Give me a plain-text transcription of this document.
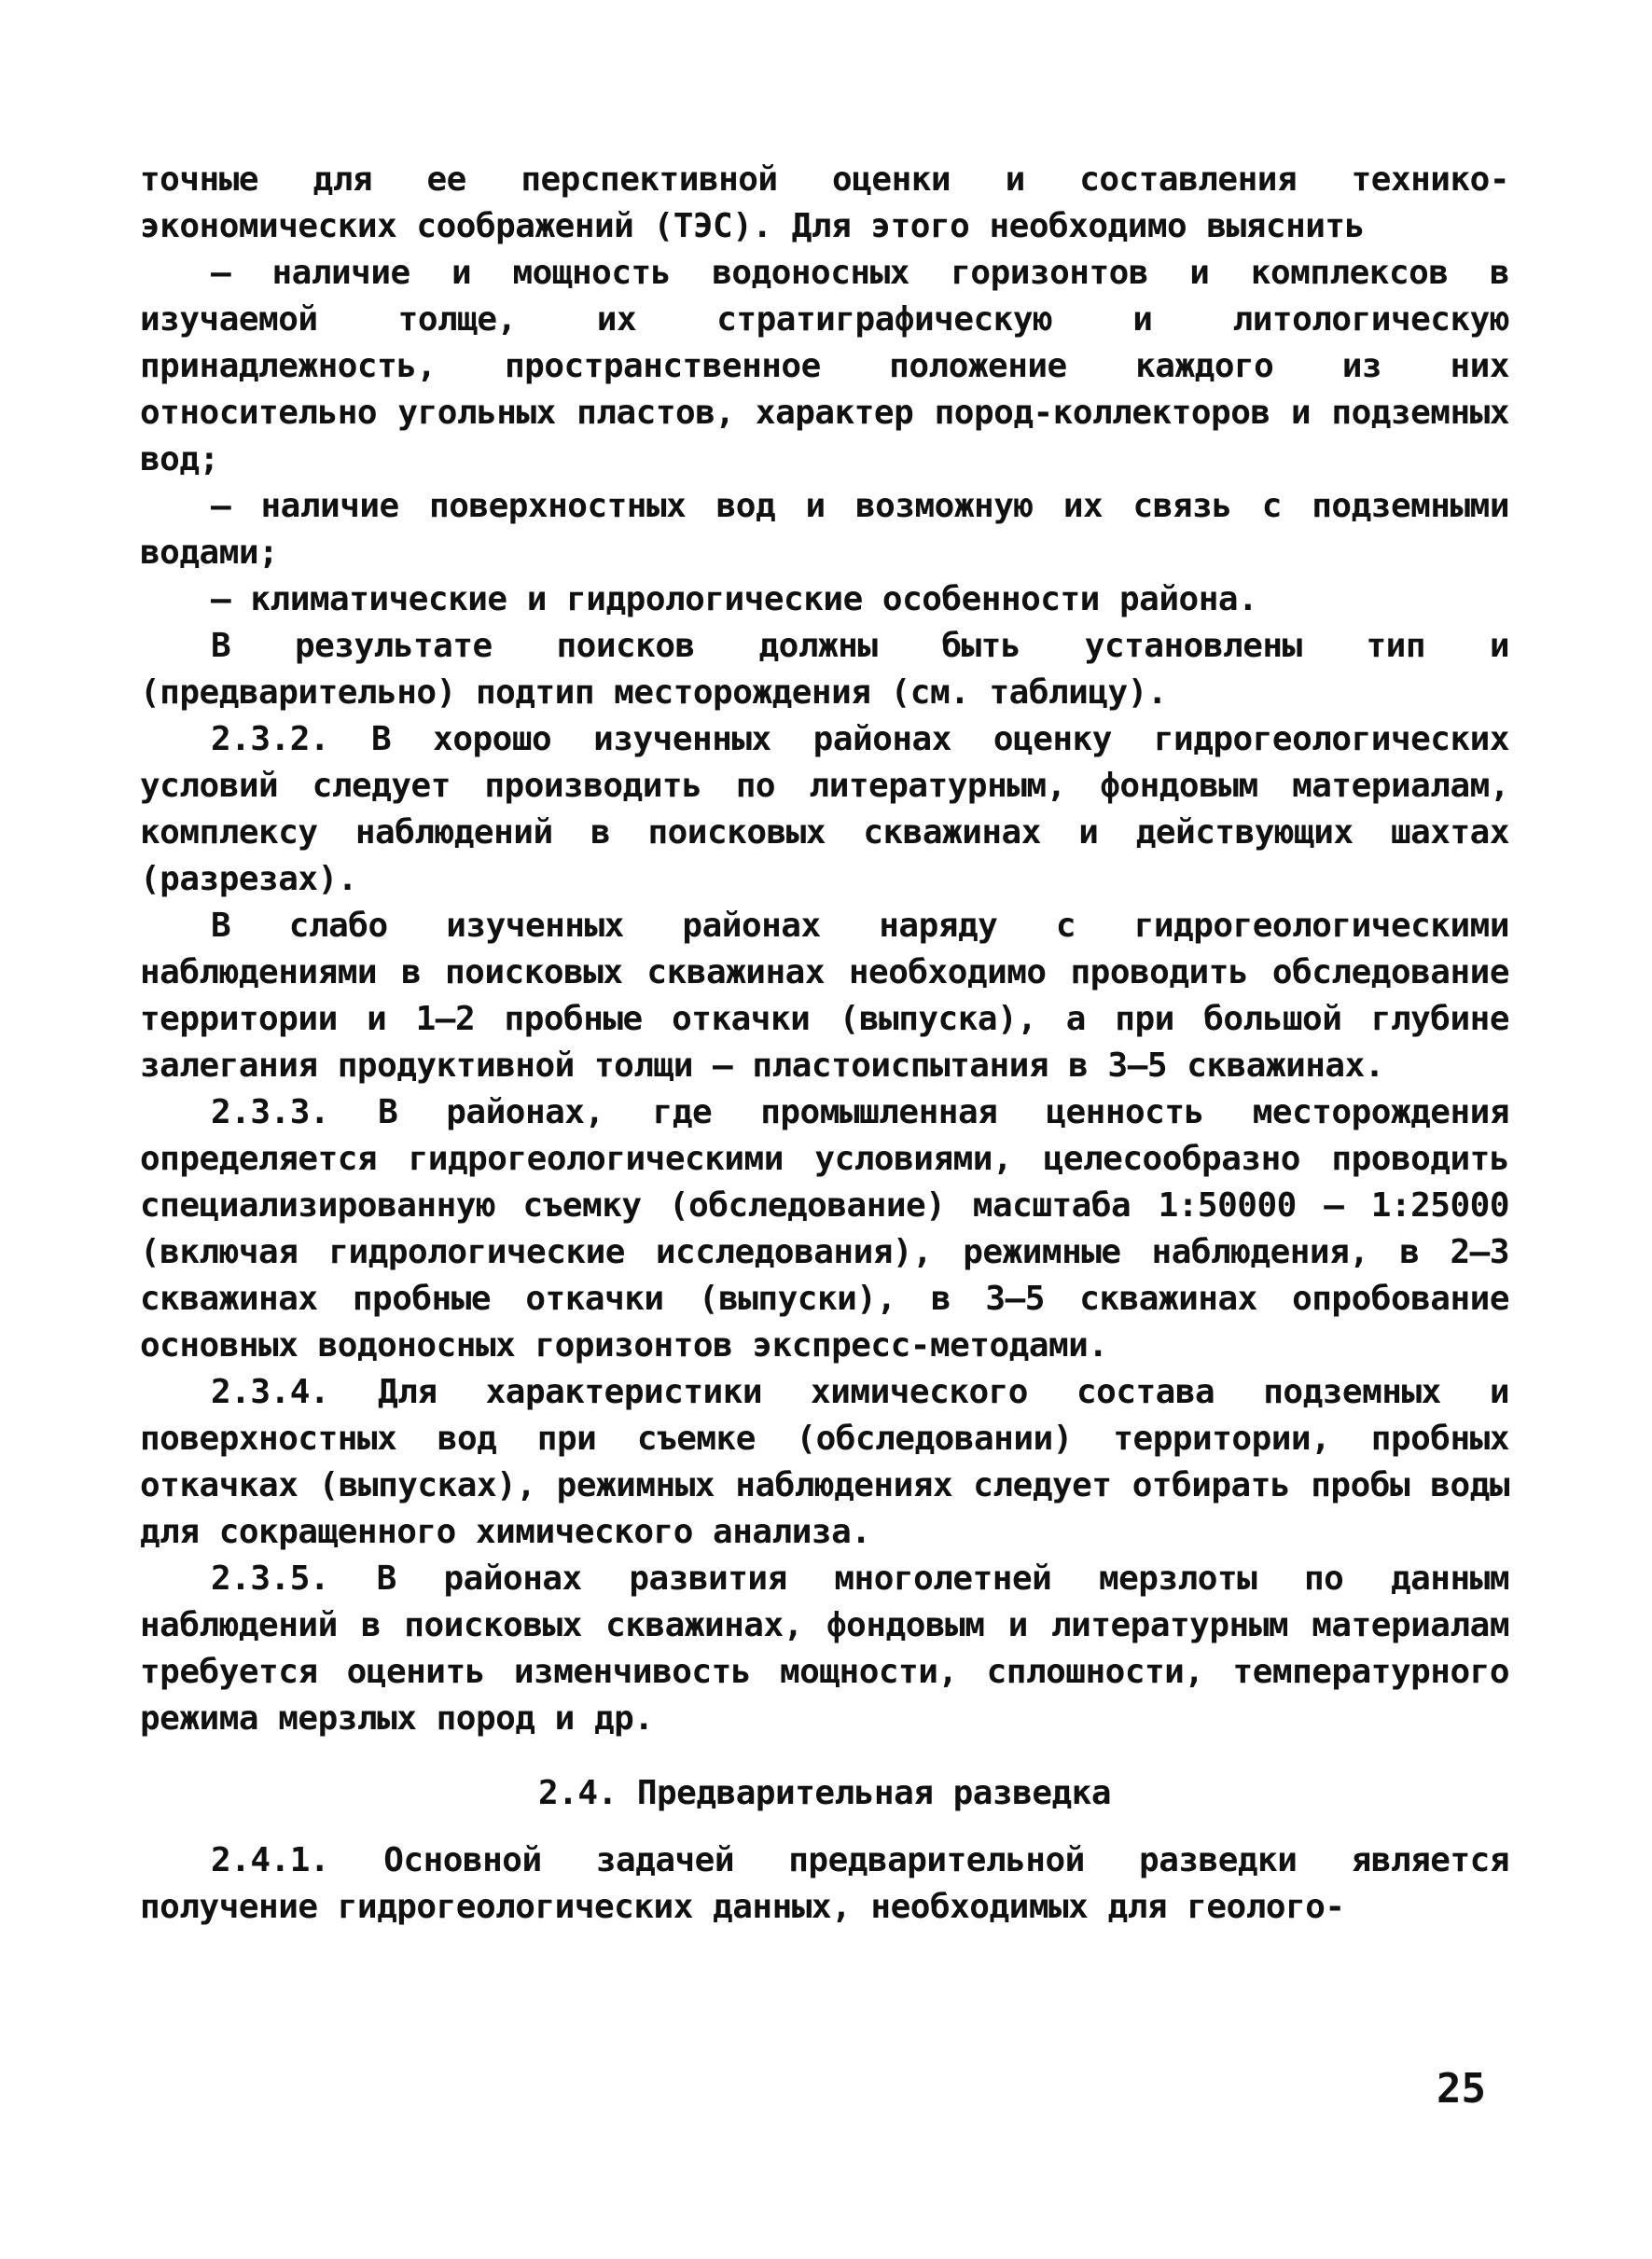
точные для ее перспективной оценки и составления технико-экономических соображений (ТЭС). Для этого необходимо выяснить

– наличие и мощность водоносных горизонтов и комплексов в изучаемой толще, их стратиграфическую и литологическую принадлежность, пространственное положение каждого из них относительно угольных пластов, характер пород-коллекторов и подземных вод;

– наличие поверхностных вод и возможную их связь с подземными водами;

– климатические и гидрологические особенности района.

В результате поисков должны быть установлены тип и (предварительно) подтип месторождения (см. таблицу).

2.3.2. В хорошо изученных районах оценку гидрогеологических условий следует производить по литературным, фондовым материалам, комплексу наблюдений в поисковых скважинах и действующих шахтах (разрезах).

В слабо изученных районах наряду с гидрогеологическими наблюдениями в поисковых скважинах необходимо проводить обследование территории и 1–2 пробные откачки (выпуска), а при большой глубине залегания продуктивной толщи – пластоиспытания в 3–5 скважинах.

2.3.3. В районах, где промышленная ценность месторождения определяется гидрогеологическими условиями, целесообразно проводить специализированную съемку (обследование) масштаба 1:50000 – 1:25000 (включая гидрологические исследования), режимные наблюдения, в 2–3 скважинах пробные откачки (выпуски), в 3–5 скважинах опробование основных водоносных горизонтов экспресс-методами.

2.3.4. Для характеристики химического состава подземных и поверхностных вод при съемке (обследовании) территории, пробных откачках (выпусках), режимных наблюдениях следует отбирать пробы воды для сокращенного химического анализа.

2.3.5. В районах развития многолетней мерзлоты по данным наблюдений в поисковых скважинах, фондовым и литературным материалам требуется оценить изменчивость мощности, сплошности, температурного режима мерзлых пород и др.

2.4. Предварительная разведка

2.4.1. Основной задачей предварительной разведки является получение гидрогеологических данных, необходимых для геолого-

25
